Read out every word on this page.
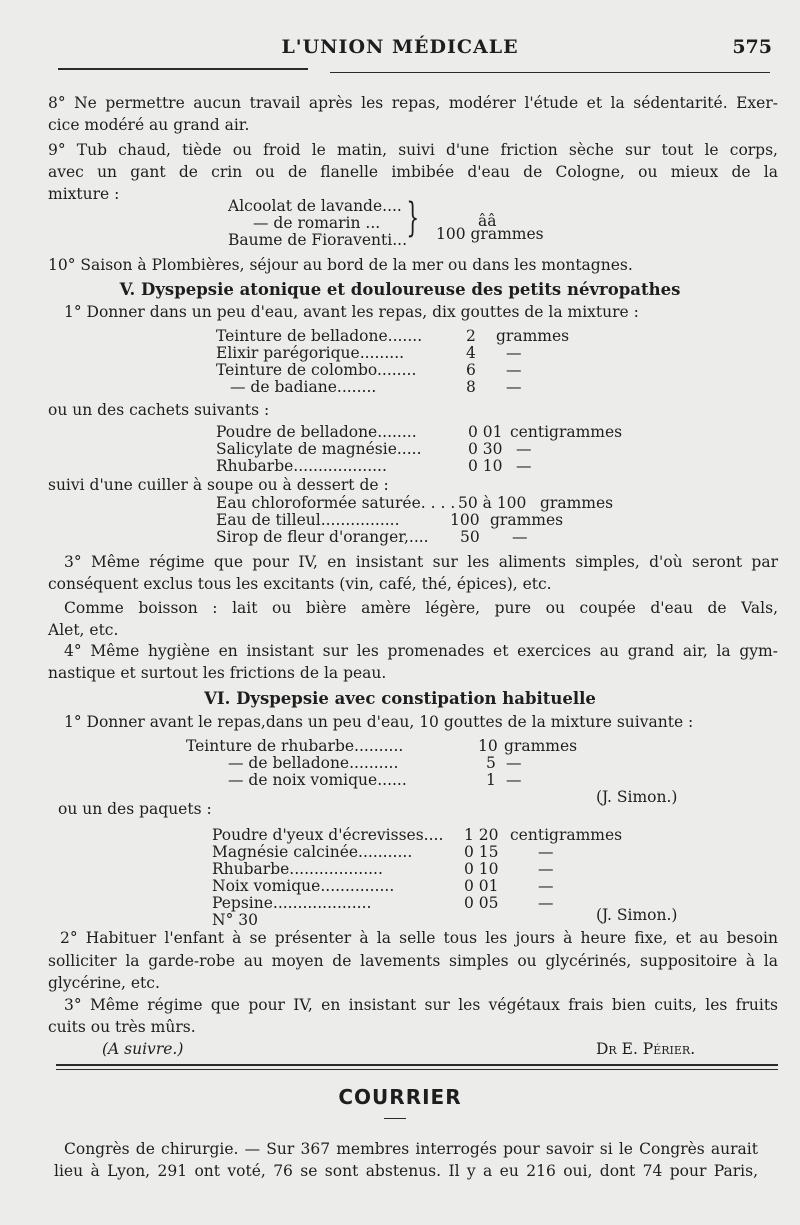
L'UNION MÉDICALE	575
8° Ne permettre aucun travail après les repas, modérer l'étude et la sédentarité. Exer-
cice modéré au grand air.
9° Tub chaud, tiède ou froid le matin, suivi d'une friction sèche sur tout le corps,
avec un gant de crin ou de flanelle imbibée d'eau de Cologne, ou mieux de la
mixture :
Alcoolat de lavande....
— de romarin ...
Baume de Fioraventi... }	ââ
100 grammes
10° Saison à Plombières, séjour au bord de la mer ou dans les montagnes.
V. Dyspepsie atonique et douloureuse des petits névropathes
1° Donner dans un peu d'eau, avant les repas, dix gouttes de la mixture :
Teinture de belladone.......	2 grammes
Elixir parégorique.........	4 —
Teinture de colombo........	6 —
— de badiane........	8 —
ou un des cachets suivants :
Poudre de belladone........	0 01 centigrammes
Salicylate de magnésie.....	0 30 —
Rhubarbe...................	0 10 —
suivi d'une cuiller à soupe ou à dessert de :
Eau chloroformée saturée. . . . 50 à 100 grammes
Eau de tilleul................	100 grammes
Sirop de fleur d'oranger,.... 50 —
3° Même régime que pour IV, en insistant sur les aliments simples, d'où seront par
conséquent exclus tous les excitants (vin, café, thé, épices), etc.
Comme boisson : lait ou bière amère légère, pure ou coupée d'eau de Vals,
Alet, etc.
4° Même hygiène en insistant sur les promenades et exercices au grand air, la gym-
nastique et surtout les frictions de la peau.
VI. Dyspepsie avec constipation habituelle
1° Donner avant le repas,dans un peu d'eau, 10 gouttes de la mixture suivante :
Teinture de rhubarbe..........	10 grammes
— de belladone..........	5 —
— de noix vomique......	1 —
(J. Simon.)
ou un des paquets :
Poudre d'yeux d'écrevisses.... 1 20 centigrammes
Magnésie calcinée...........	0 15	—
Rhubarbe...................	0 10	—
Noix vomique...............	0 01	—
Pepsine....................	0 05	—
N° 30	(J. Simon.)
2° Habituer l'enfant à se présenter à la selle tous les jours à heure fixe, et au besoin
solliciter la garde-robe au moyen de lavements simples ou glycérinés, suppositoire à la
glycérine, etc.
3° Même régime que pour IV, en insistant sur les végétaux frais bien cuits, les fruits
cuits ou très mûrs.
(A suivre.)	Dr E. Périer.
COURRIER
Congrès de chirurgie. — Sur 367 membres interrogés pour savoir si le Congrès aurait
lieu à Lyon, 291 ont voté, 76 se sont abstenus. Il y a eu 216 oui, dont 74 pour Paris,
